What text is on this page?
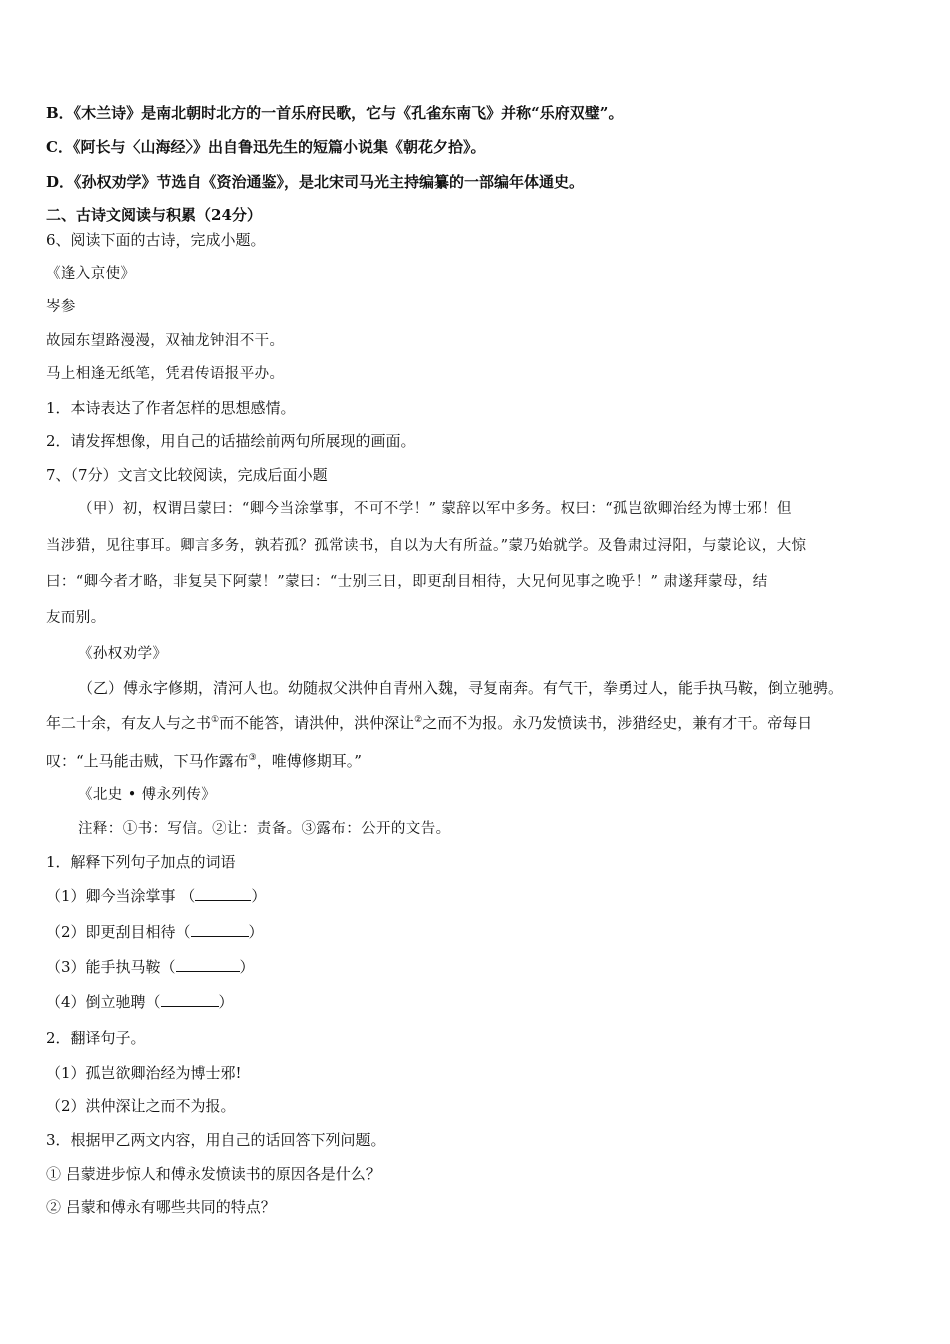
B．《木兰诗》是南北朝时北方的一首乐府民歌，它与《孔雀东南飞》并称“乐府双璧”。
C．《阿长与〈山海经〉》出自鲁迅先生的短篇小说集《朝花夕拾》。
D．《孙权劝学》节选自《资治通鉴》，是北宋司马光主持编纂的一部编年体通史。
二、古诗文阅读与积累（24分）
6、阅读下面的古诗，完成小题。
《逢入京使》
岑参
故园东望路漫漫，双袖龙钟泪不干。
马上相逢无纸笔，凭君传语报平办。
1．本诗表达了作者怎样的思想感情。
2．请发挥想像，用自己的话描绘前两句所展现的画面。
7、（7分）文言文比较阅读，完成后面小题
（甲）初，权谓吕蒙曰：“卿今当涂掌事，不可不学！” 蒙辞以军中多务。权曰：“孤岂欲卿治经为博士邪！但
当涉猎，见往事耳。卿言多务，孰若孤？孤常读书，自以为大有所益。”蒙乃始就学。及鲁肃过浔阳，与蒙论议，大惊
曰：“卿今者才略，非复吴下阿蒙！”蒙曰：“士别三日，即更刮目相待，大兄何见事之晚乎！” 肃遂拜蒙母，结
友而别。
《孙权劝学》
（乙）傅永字修期，清河人也。幼随叔父洪仲自青州入魏，寻复南奔。有气干，拳勇过人，能手执马鞍，倒立驰骋。
年二十余，有友人与之书①而不能答，请洪仲，洪仲深让②之而不为报。永乃发愤读书，涉猎经史，兼有才干。帝每日
叹：“上马能击贼，下马作露布③，唯傅修期耳。”
《北史 • 傅永列传》
注释：①书：写信。②让：责备。③露布：公开的文告。
1．解释下列句子加点的词语
（1）卿今当涂掌事 （	）
（2）即更刮目相待（	）
（3）能手执马鞍（	）
（4）倒立驰聘（	）
2．翻译句子。
（1）孤岂欲卿治经为博士邪!
（2）洪仲深让之而不为报。
3．根据甲乙两文内容，用自己的话回答下列问题。
① 吕蒙进步惊人和傅永发愤读书的原因各是什么？
② 吕蒙和傅永有哪些共同的特点？
